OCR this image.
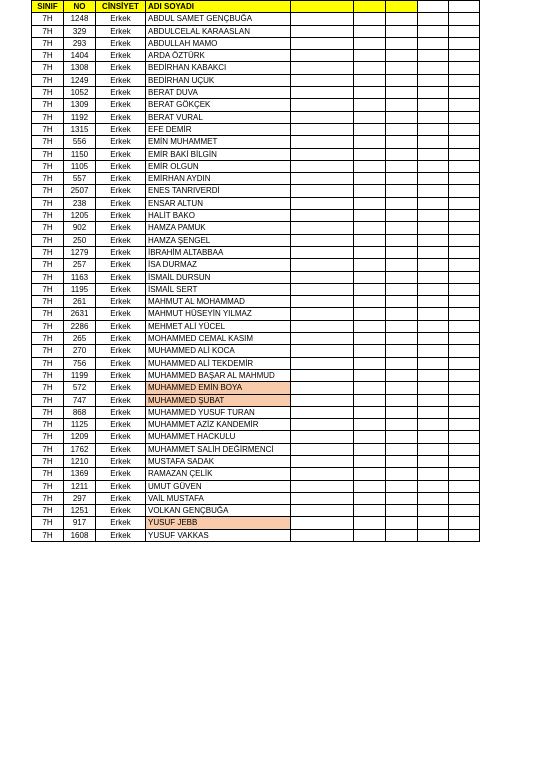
SINIF	NO	CİNSİYET	ADI SOYADI					
7H	1248	Erkek	ABDUL SAMET GENÇBUĞA					
7H	329	Erkek	ABDULCELAL KARAASLAN					
7H	293	Erkek	ABDULLAH MAMO					
7H	1404	Erkek	ARDA ÖZTÜRK					
7H	1308	Erkek	BEDİRHAN KABAKCI					
7H	1249	Erkek	BEDİRHAN UÇUK					
7H	1052	Erkek	BERAT DUVA					
7H	1309	Erkek	BERAT GÖKÇEK					
7H	1192	Erkek	BERAT VURAL					
7H	1315	Erkek	EFE DEMİR					
7H	556	Erkek	EMİN MUHAMMET					
7H	1150	Erkek	EMİR BAKİ BİLGİN					
7H	1105	Erkek	EMİR OLGUN					
7H	557	Erkek	EMİRHAN AYDIN					
7H	2507	Erkek	ENES TANRIVERDİ					
7H	238	Erkek	ENSAR ALTUN					
7H	1205	Erkek	HALİT BAKO					
7H	902	Erkek	HAMZA PAMUK					
7H	250	Erkek	HAMZA ŞENGEL					
7H	1279	Erkek	İBRAHİM ALTABBAA					
7H	257	Erkek	İSA DURMAZ					
7H	1163	Erkek	İSMAİL DURSUN					
7H	1195	Erkek	İSMAİL SERT					
7H	261	Erkek	MAHMUT AL MOHAMMAD					
7H	2631	Erkek	MAHMUT HÜSEYİN YILMAZ					
7H	2286	Erkek	MEHMET ALİ YÜCEL					
7H	265	Erkek	MOHAMMED CEMAL KASIM					
7H	270	Erkek	MUHAMMED ALİ KOCA					
7H	756	Erkek	MUHAMMED ALİ TEKDEMİR					
7H	1199	Erkek	MUHAMMED BAŞAR AL MAHMUD					
7H	572	Erkek	MUHAMMED EMİN BOYA					
7H	747	Erkek	MUHAMMED ŞUBAT					
7H	868	Erkek	MUHAMMED YUSUF TURAN					
7H	1125	Erkek	MUHAMMET AZİZ KANDEMİR					
7H	1209	Erkek	MUHAMMET HACKULU					
7H	1762	Erkek	MUHAMMET SALİH DEĞİRMENCİ					
7H	1210	Erkek	MUSTAFA SADAK					
7H	1369	Erkek	RAMAZAN ÇELİK					
7H	1211	Erkek	UMUT GÜVEN					
7H	297	Erkek	VAİL MUSTAFA					
7H	1251	Erkek	VOLKAN GENÇBUĞA					
7H	917	Erkek	YUSUF JEBB					
7H	1608	Erkek	YUSUF VAKKAS					
